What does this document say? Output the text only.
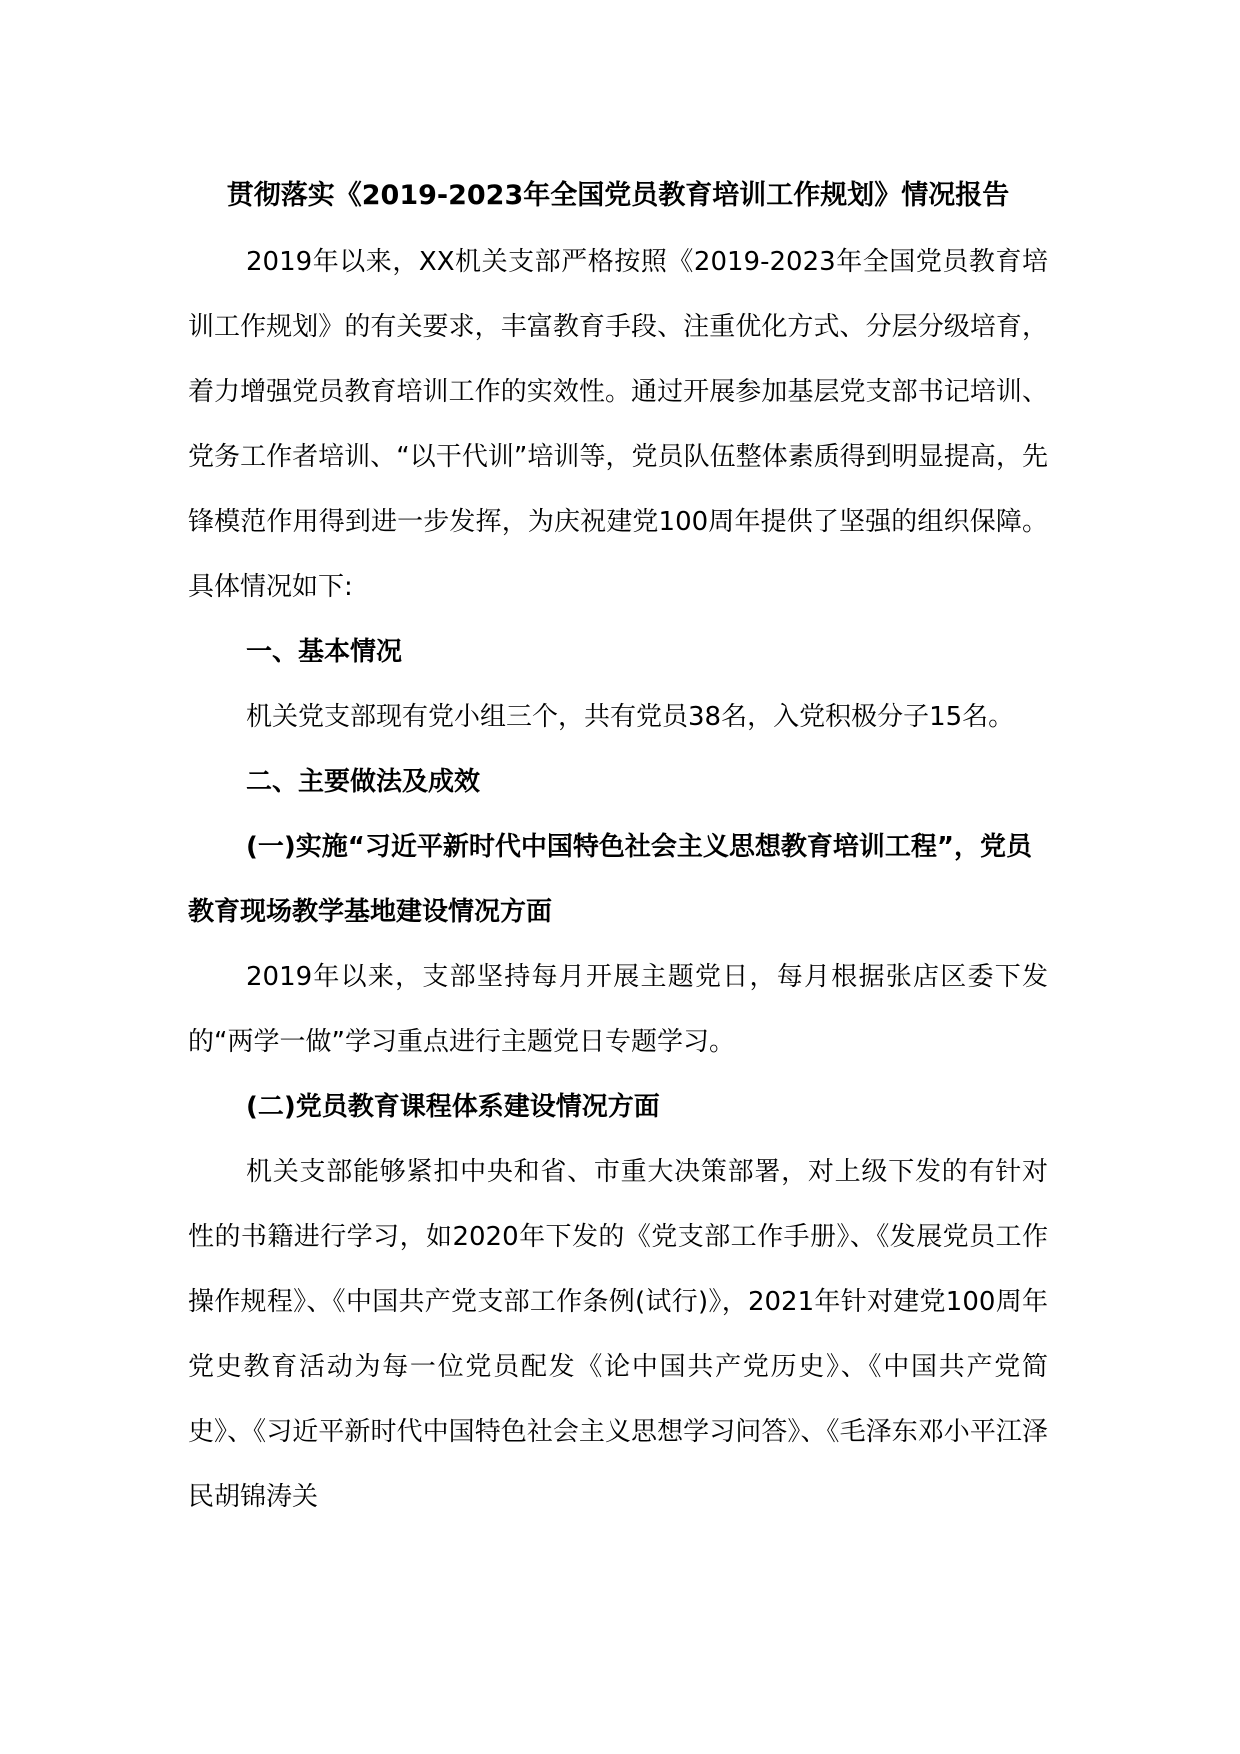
贯彻落实《2019-2023年全国党员教育培训工作规划》情况报告

2019年以来，XX机关支部严格按照《2019-2023年全国党员教育培训工作规划》的有关要求，丰富教育手段、注重优化方式、分层分级培育，着力增强党员教育培训工作的实效性。通过开展参加基层党支部书记培训、党务工作者培训、“以干代训”培训等，党员队伍整体素质得到明显提高，先锋模范作用得到进一步发挥，为庆祝建党100周年提供了坚强的组织保障。具体情况如下:

一、基本情况

机关党支部现有党小组三个，共有党员38名，入党积极分子15名。

二、主要做法及成效

(一)实施“习近平新时代中国特色社会主义思想教育培训工程”，党员教育现场教学基地建设情况方面

2019年以来，支部坚持每月开展主题党日，每月根据张店区委下发的“两学一做”学习重点进行主题党日专题学习。

(二)党员教育课程体系建设情况方面

机关支部能够紧扣中央和省、市重大决策部署，对上级下发的有针对性的书籍进行学习，如2020年下发的《党支部工作手册》、《发展党员工作操作规程》、《中国共产党支部工作条例(试行)》，2021年针对建党100周年党史教育活动为每一位党员配发《论中国共产党历史》、《中国共产党简史》、《习近平新时代中国特色社会主义思想学习问答》、《毛泽东邓小平江泽民胡锦涛关
